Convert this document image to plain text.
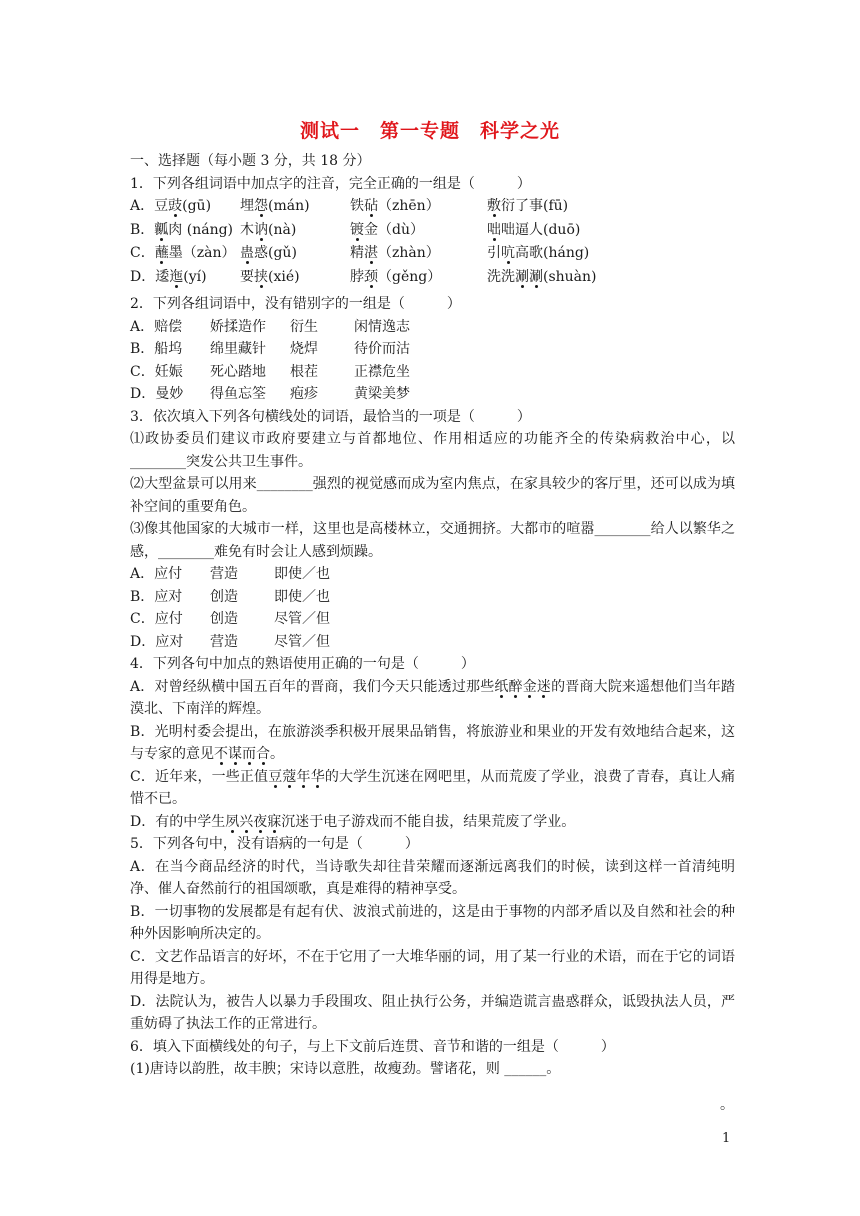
测试一　第一专题　科学之光
一、选择题（每小题 3 分，共 18 分）
1．下列各组词语中加点字的注音，完全正确的一组是（　　　）
A．豆豉(gū)	埋怨(mán)	铁砧（zhēn）	敷衍了事(fū)
B．瓤肉 (náng) 木讷(nà)	镀金（dù）	咄咄逼人(duō)
C．蘸墨（zàn） 蛊惑(gǔ)	精湛（zhàn）	引吭高歌(háng)
D．逶迤(yí)	要挟(xié)	脖颈（gěng）	洗洗涮涮(shuàn)
2．下列各组词语中，没有错别字的一组是（　　　）
A．赔偿	娇揉造作	衍生	闲情逸志
B．船坞	绵里藏针	烧焊	待价而沽
C．妊娠	死心踏地	根茬	正襟危坐
D．曼妙	得鱼忘筌	疱疹	黄梁美梦
3．依次填入下列各句横线处的词语，最恰当的一项是（　　　）
⑴政协委员们建议市政府要建立与首都地位、作用相适应的功能齐全的传染病救治中心，以________突发公共卫生事件。
⑵大型盆景可以用来________强烈的视觉感而成为室内焦点，在家具较少的客厅里，还可以成为填补空间的重要角色。
⑶像其他国家的大城市一样，这里也是高楼林立，交通拥挤。大都市的喧嚣________给人以繁华之感，________难免有时会让人感到烦躁。
A．应付	营造	即使／也
B．应对	创造	即使／也
C．应付	创造	尽管／但
D．应对	营造	尽管／但
4．下列各句中加点的熟语使用正确的一句是（　　　）
A．对曾经纵横中国五百年的晋商，我们今天只能透过那些纸醉金迷的晋商大院来遥想他们当年踏漠北、下南洋的辉煌。
B．光明村委会提出，在旅游淡季积极开展果品销售，将旅游业和果业的开发有效地结合起来，这与专家的意见不谋而合。
C．近年来，一些正值豆蔻年华的大学生沉迷在网吧里，从而荒废了学业，浪费了青春，真让人痛惜不已。
D．有的中学生夙兴夜寐沉迷于电子游戏而不能自拔，结果荒废了学业。
5．下列各句中，没有语病的一句是（　　　）
A．在当今商品经济的时代，当诗歌失却往昔荣耀而逐渐远离我们的时候，读到这样一首清纯明净、催人奋然前行的祖国颂歌，真是难得的精神享受。
B．一切事物的发展都是有起有伏、波浪式前进的，这是由于事物的内部矛盾以及自然和社会的种种外因影响所决定的。
C．文艺作品语言的好坏，不在于它用了一大堆华丽的词，用了某一行业的术语，而在于它的词语用得是地方。
D．法院认为，被告人以暴力手段围攻、阻止执行公务，并编造谎言蛊惑群众，诋毁执法人员，严重妨碍了执法工作的正常进行。
6．填入下面横线处的句子，与上下文前后连贯、音节和谐的一组是（　　　）
(1)唐诗以韵胜，故丰腴；宋诗以意胜，故瘦劲。譬诸花，则 ______。
。
1
